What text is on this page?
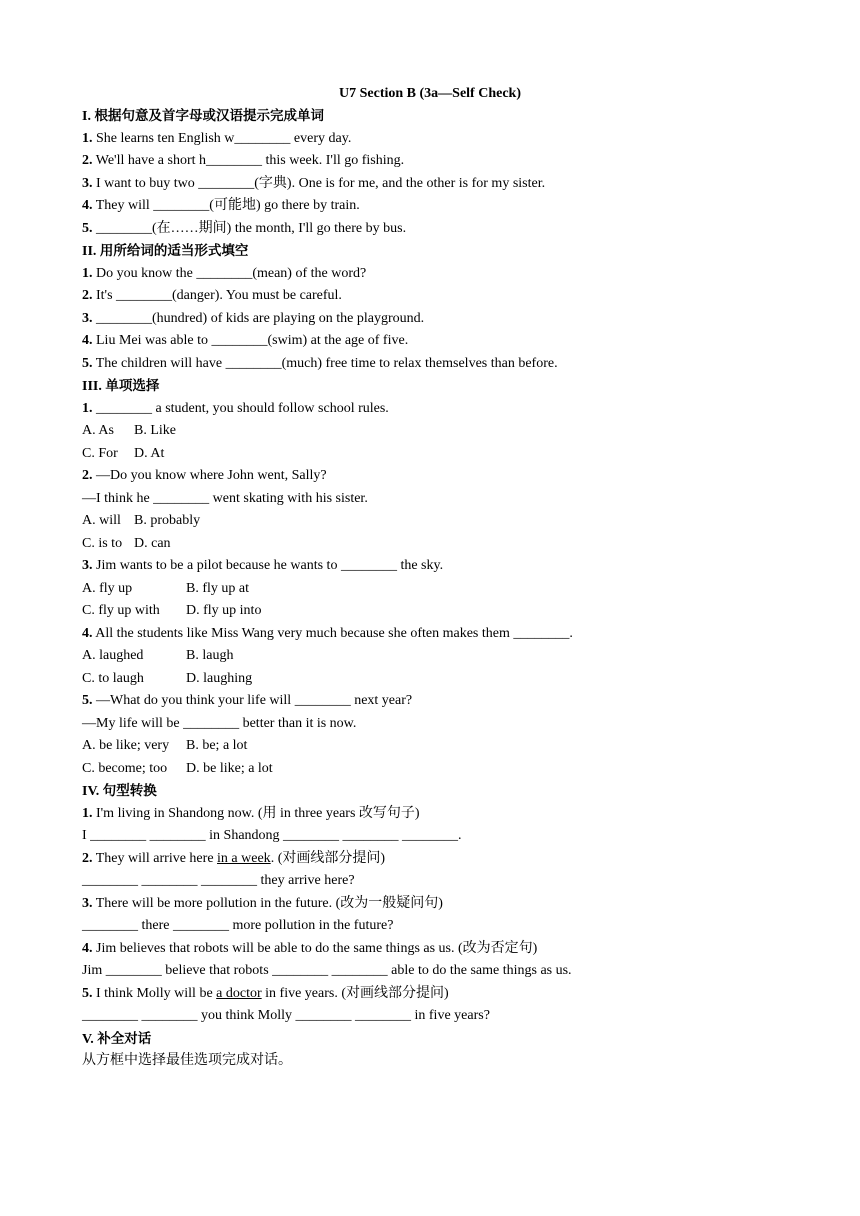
U7 Section B (3a—Self Check)
I. 根据句意及首字母或汉语提示完成单词
1. She learns ten English w________ every day.
2. We'll have a short h________ this week. I'll go fishing.
3. I want to buy two ________(字典). One is for me, and the other is for my sister.
4. They will ________(可能地) go there by train.
5. ________(在……期间) the month, I'll go there by bus.
II. 用所给词的适当形式填空
1. Do you know the ________(mean) of the word?
2. It's ________(danger). You must be careful.
3. ________(hundred) of kids are playing on the playground.
4. Liu Mei was able to ________(swim) at the age of five.
5. The children will have ________(much) free time to relax themselves than before.
III. 单项选择
1. ________ a student, you should follow school rules.
A. As B. Like
C. For D. At
2. —Do you know where John went, Sally?
—I think he ________ went skating with his sister.
A. will B. probably
C. is to D. can
3. Jim wants to be a pilot because he wants to ________ the sky.
A. fly up	B. fly up at
C. fly up with D. fly up into
4. All the students like Miss Wang very much because she often makes them ________.
A. laughed	B. laugh
C. to laugh	D. laughing
5. —What do you think your life will ________ next year?
—My life will be ________ better than it is now.
A. be like; very B. be; a lot
C. become; too D. be like; a lot
IV. 句型转换
1. I'm living in Shandong now. (用 in three years 改写句子)
I ________ ________ in Shandong ________ ________ ________.
2. They will arrive here in a week. (对画线部分提问)
________ ________ ________ they arrive here?
3. There will be more pollution in the future. (改为一般疑问句)
________ there ________ more pollution in the future?
4. Jim believes that robots will be able to do the same things as us. (改为否定句)
Jim ________ believe that robots ________ ________ able to do the same things as us.
5. I think Molly will be a doctor in five years. (对画线部分提问)
________ ________ you think Molly ________ ________ in five years?
V. 补全对话
从方框中选择最佳选项完成对话。
